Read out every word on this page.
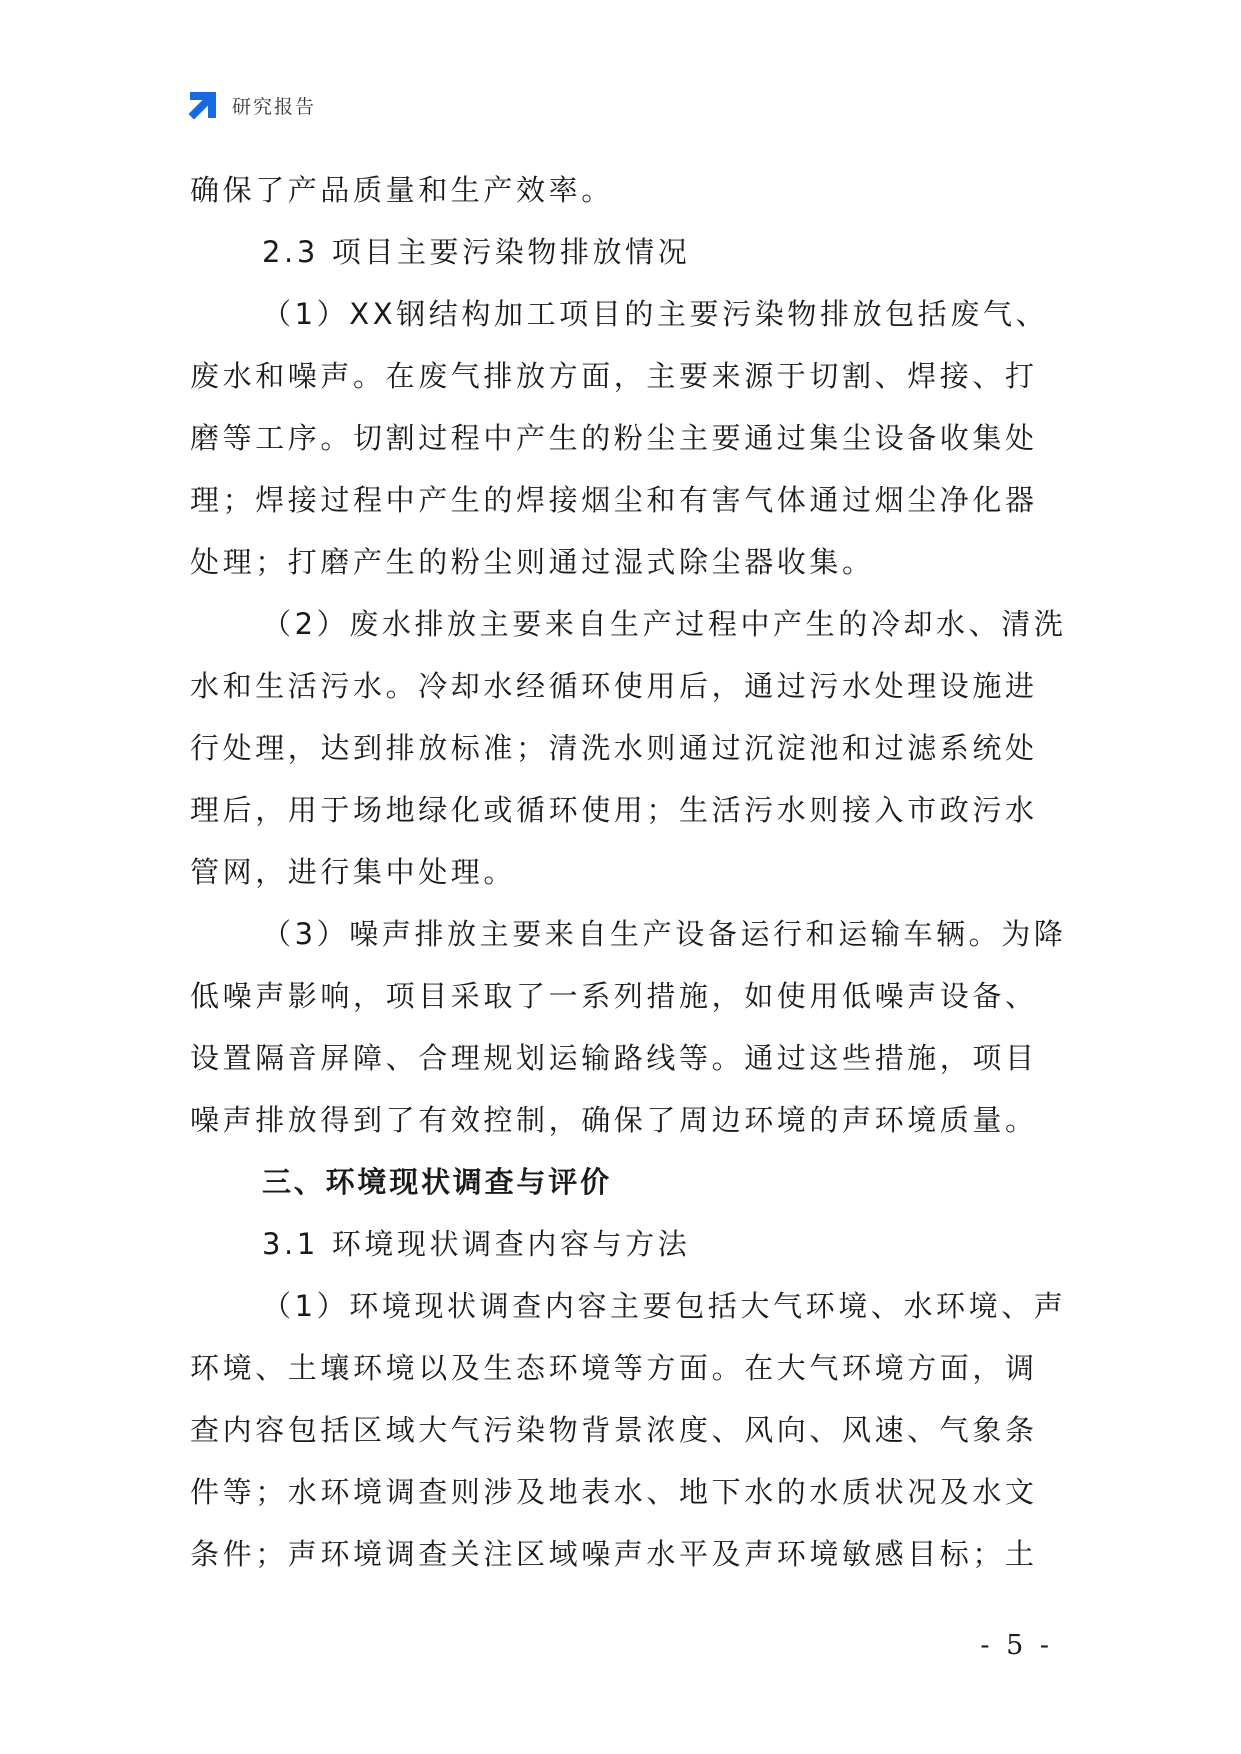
研究报告

确保了产品质量和生产效率。

2.3 项目主要污染物排放情况

（1）XX钢结构加工项目的主要污染物排放包括废气、废水和噪声。在废气排放方面，主要来源于切割、焊接、打磨等工序。切割过程中产生的粉尘主要通过集尘设备收集处理；焊接过程中产生的焊接烟尘和有害气体通过烟尘净化器处理；打磨产生的粉尘则通过湿式除尘器收集。

（2）废水排放主要来自生产过程中产生的冷却水、清洗水和生活污水。冷却水经循环使用后，通过污水处理设施进行处理，达到排放标准；清洗水则通过沉淀池和过滤系统处理后，用于场地绿化或循环使用；生活污水则接入市政污水管网，进行集中处理。

（3）噪声排放主要来自生产设备运行和运输车辆。为降低噪声影响，项目采取了一系列措施，如使用低噪声设备、设置隔音屏障、合理规划运输路线等。通过这些措施，项目噪声排放得到了有效控制，确保了周边环境的声环境质量。

三、环境现状调查与评价

3.1 环境现状调查内容与方法

（1）环境现状调查内容主要包括大气环境、水环境、声环境、土壤环境以及生态环境等方面。在大气环境方面，调查内容包括区域大气污染物背景浓度、风向、风速、气象条件等；水环境调查则涉及地表水、地下水的水质状况及水文条件；声环境调查关注区域噪声水平及声环境敏感目标；土

- 5 -
